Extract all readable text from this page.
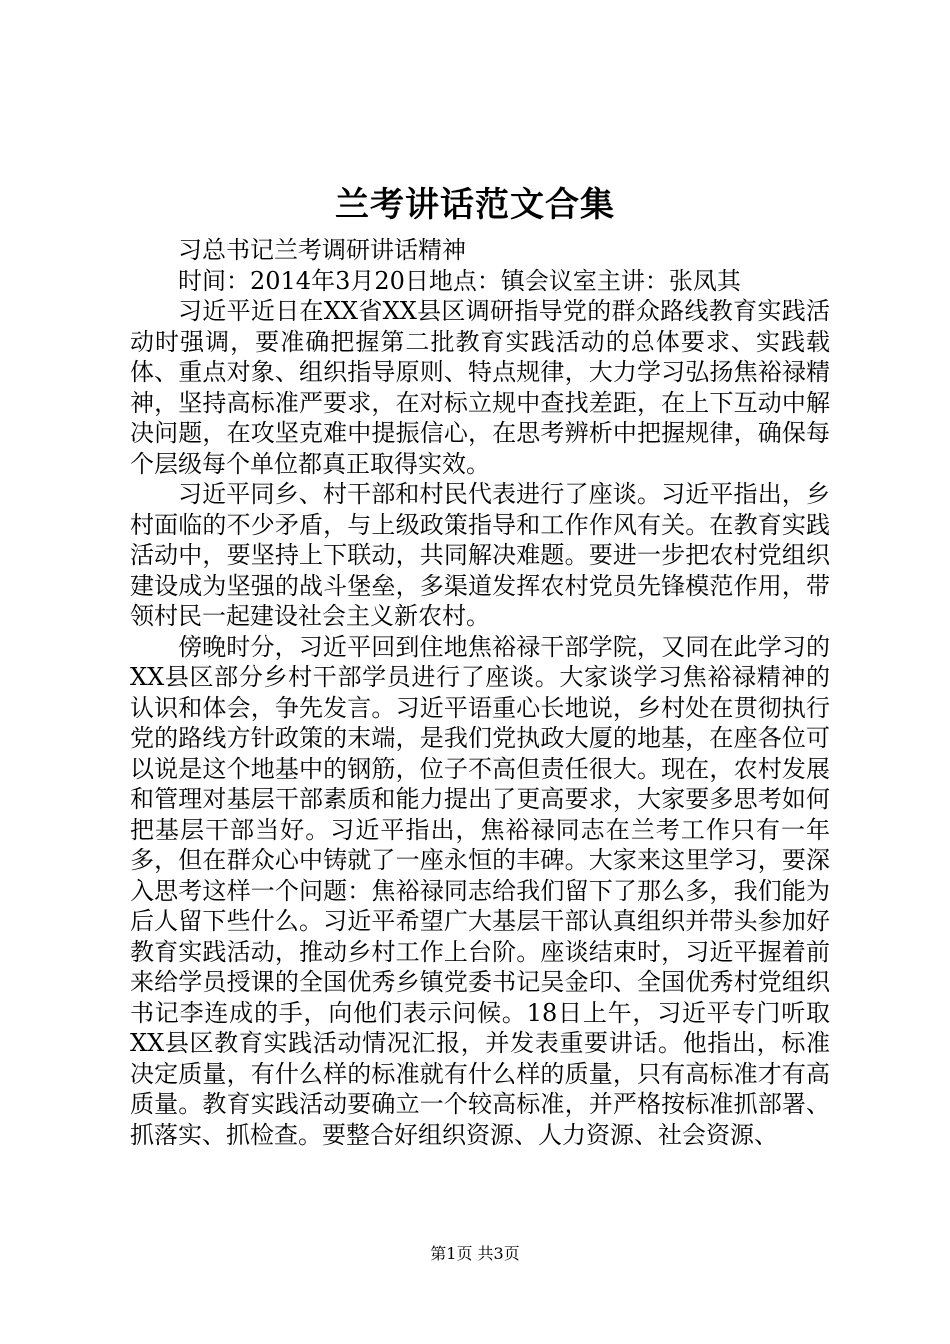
兰考讲话范文合集

习总书记兰考调研讲话精神

时间：2014年3月20日地点：镇会议室主讲：张凤其

习近平近日在XX省XX县区调研指导党的群众路线教育实践活动时强调，要准确把握第二批教育实践活动的总体要求、实践载体、重点对象、组织指导原则、特点规律，大力学习弘扬焦裕禄精神，坚持高标准严要求，在对标立规中查找差距，在上下互动中解决问题，在攻坚克难中提振信心，在思考辨析中把握规律，确保每个层级每个单位都真正取得实效。

习近平同乡、村干部和村民代表进行了座谈。习近平指出，乡村面临的不少矛盾，与上级政策指导和工作作风有关。在教育实践活动中，要坚持上下联动，共同解决难题。要进一步把农村党组织建设成为坚强的战斗堡垒，多渠道发挥农村党员先锋模范作用，带领村民一起建设社会主义新农村。

傍晚时分，习近平回到住地焦裕禄干部学院，又同在此学习的XX县区部分乡村干部学员进行了座谈。大家谈学习焦裕禄精神的认识和体会，争先发言。习近平语重心长地说，乡村处在贯彻执行党的路线方针政策的末端，是我们党执政大厦的地基，在座各位可以说是这个地基中的钢筋，位子不高但责任很大。现在，农村发展和管理对基层干部素质和能力提出了更高要求，大家要多思考如何把基层干部当好。习近平指出，焦裕禄同志在兰考工作只有一年多，但在群众心中铸就了一座永恒的丰碑。大家来这里学习，要深入思考这样一个问题：焦裕禄同志给我们留下了那么多，我们能为后人留下些什么。习近平希望广大基层干部认真组织并带头参加好教育实践活动，推动乡村工作上台阶。座谈结束时，习近平握着前来给学员授课的全国优秀乡镇党委书记吴金印、全国优秀村党组织书记李连成的手，向他们表示问候。18日上午，习近平专门听取XX县区教育实践活动情况汇报，并发表重要讲话。他指出，标准决定质量，有什么样的标准就有什么样的质量，只有高标准才有高质量。教育实践活动要确立一个较高标准，并严格按标准抓部署、抓落实、抓检查。要整合好组织资源、人力资源、社会资源、

第1页 共3页
